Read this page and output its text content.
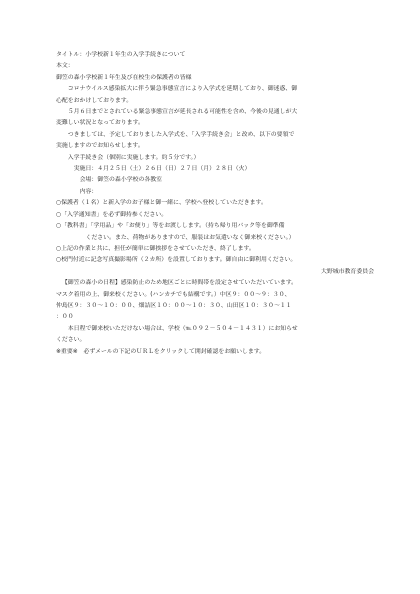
タイトル：小学校新１年生の入学手続きについて
本文：
御笠の森小学校新１年生及び在校生の保護者の皆様
コロナウイルス感染拡大に伴う緊急事態宣言により入学式を延期しており、御迷惑、御
心配をおかけしております。
５月６日までとされている緊急事態宣言が延長される可能性を含め、今後の見通しが大
変難しい状況となっております。
つきましては、予定しておりました入学式を、「入学手続き会」と改め、以下の要領で
実施しますのでお知らせします。
入学手続き会（個別に実施します。約５分です。）
実施日：４月２５日（土）２６日（日）２７日（月）２８日（火）
会場：御笠の森小学校の各教室
内容：
○保護者（１名）と新入学のお子様と御一緒に、学校へ登校していただきます。
○「入学通知書」を必ず御持参ください。
○「教科書」「学用品」や「お便り」等をお渡しします。（持ち帰り用バック等を御準備
ください。また、荷物がありますので、服装はお気遣いなく御来校ください。）
○上記の作業と共に、担任が簡単に御挨拶をさせていただき、終了します。
○校門付近に記念写真撮影場所（２カ所）を設置しております。御自由に御利用ください。
大野城市教育委員会
【御笠の森小の日程】感染防止のため地区ごとに時間帯を設定させていただいています。
マスク着用の上、御来校ください。(ハンカチでも結構です。）中区９：００～９：３０、
仲島区９：３０～１０：００、畑詰区１０：００～１０：３０、山田区１０：３０～１１
：００
本日程で御来校いただけない場合は、学校（℡０９２－５０４－１４３１）にお知らせ
ください。
※重要※　必ずメールの下記のＵＲＬをクリックして開封確認をお願いします。
